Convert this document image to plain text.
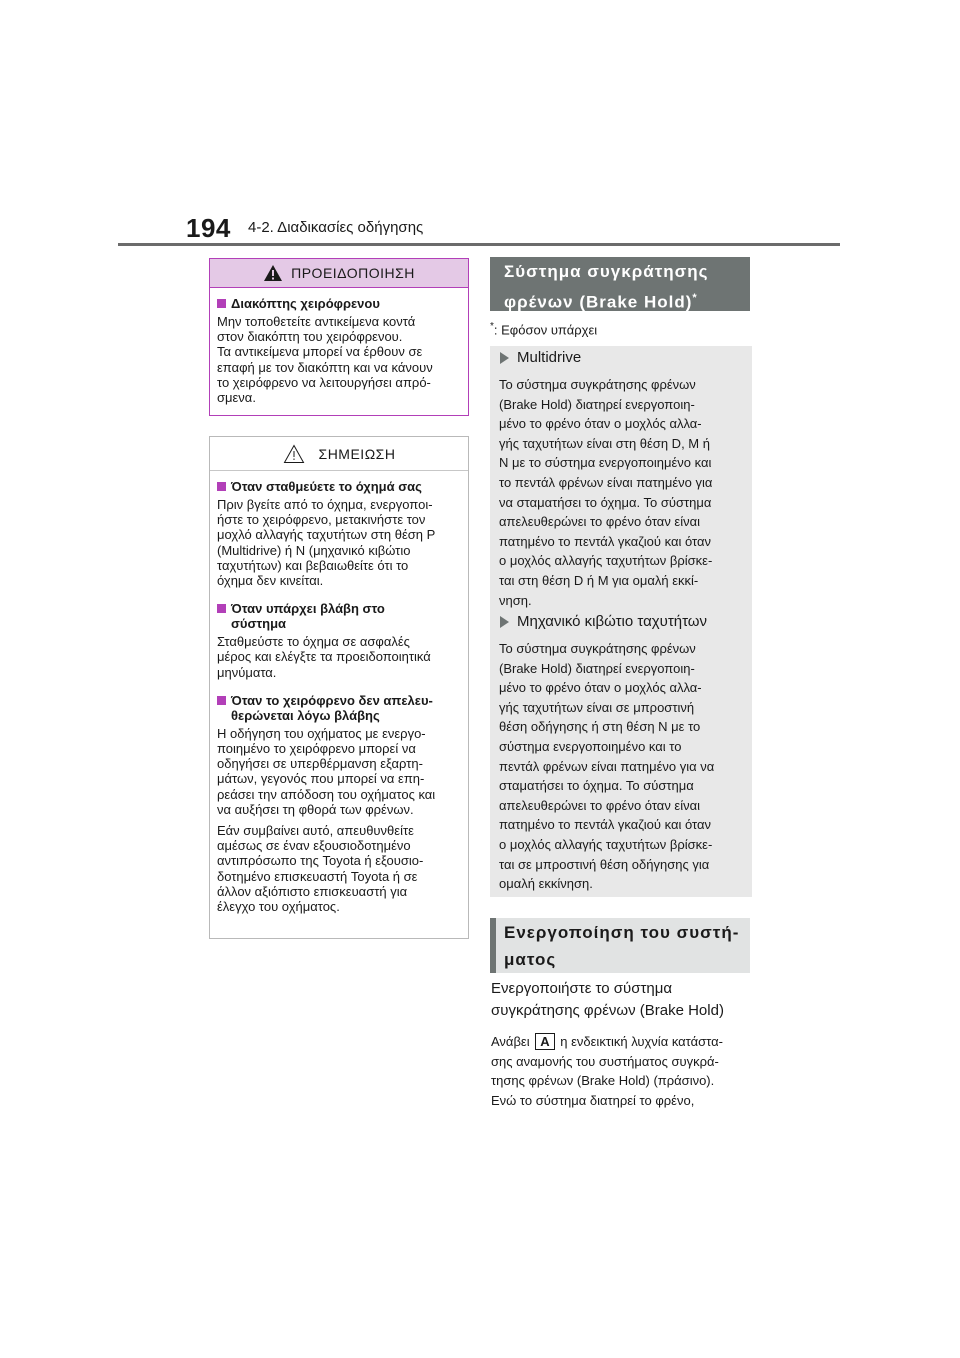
194 4-2. Διαδικασίες οδήγησης
ΠΡΟΕΙΔΟΠΟΙΗΣΗ
Διακόπτης χειρόφρενου
Μην τοποθετείτε αντικείμενα κοντά
στον διακόπτη του χειρόφρενου.
Τα αντικείμενα μπορεί να έρθουν σε
επαφή με τον διακόπτη και να κάνουν
το χειρόφρενο να λειτουργήσει απρό-
σμενα.
ΣΗΜΕΙΩΣΗ
Όταν σταθμεύετε το όχημά σας
Πριν βγείτε από το όχημα, ενεργοποι-
ήστε το χειρόφρενο, μετακινήστε τον
μοχλό αλλαγής ταχυτήτων στη θέση P
(Multidrive) ή N (μηχανικό κιβώτιο
ταχυτήτων) και βεβαιωθείτε ότι το
όχημα δεν κινείται.
Όταν υπάρχει βλάβη στο
σύστημα
Σταθμεύστε το όχημα σε ασφαλές
μέρος και ελέγξτε τα προειδοποιητικά
μηνύματα.
Όταν το χειρόφρενο δεν απελευ-
θερώνεται λόγω βλάβης
Η οδήγηση του οχήματος με ενεργο-
ποιημένο το χειρόφρενο μπορεί να
οδηγήσει σε υπερθέρμανση εξαρτη-
μάτων, γεγονός που μπορεί να επη-
ρεάσει την απόδοση του οχήματος και
να αυξήσει τη φθορά των φρένων.
Εάν συμβαίνει αυτό, απευθυνθείτε
αμέσως σε έναν εξουσιοδοτημένο
αντιπρόσωπο της Toyota ή εξουσιο-
δοτημένο επισκευαστή Toyota ή σε
άλλον αξιόπιστο επισκευαστή για
έλεγχο του οχήματος.
Σύστημα συγκράτησης
φρένων (Brake Hold)*
*: Εφόσον υπάρχει
Multidrive
Το σύστημα συγκράτησης φρένων
(Brake Hold) διατηρεί ενεργοποιη-
μένο το φρένο όταν ο μοχλός αλλα-
γής ταχυτήτων είναι στη θέση D, M ή
N με το σύστημα ενεργοποιημένο και
το πεντάλ φρένων είναι πατημένο για
να σταματήσει το όχημα. Το σύστημα
απελευθερώνει το φρένο όταν είναι
πατημένο το πεντάλ γκαζιού και όταν
ο μοχλός αλλαγής ταχυτήτων βρίσκε-
ται στη θέση D ή M για ομαλή εκκί-
νηση.
Μηχανικό κιβώτιο ταχυτήτων
Το σύστημα συγκράτησης φρένων
(Brake Hold) διατηρεί ενεργοποιη-
μένο το φρένο όταν ο μοχλός αλλα-
γής ταχυτήτων είναι σε μπροστινή
θέση οδήγησης ή στη θέση N με το
σύστημα ενεργοποιημένο και το
πεντάλ φρένων είναι πατημένο για να
σταματήσει το όχημα. Το σύστημα
απελευθερώνει το φρένο όταν είναι
πατημένο το πεντάλ γκαζιού και όταν
ο μοχλός αλλαγής ταχυτήτων βρίσκε-
ται σε μπροστινή θέση οδήγησης για
ομαλή εκκίνηση.
Ενεργοποίηση του συστή-
ματος
Ενεργοποιήστε το σύστημα
συγκράτησης φρένων (Brake Hold)
Ανάβει A η ενδεικτική λυχνία κατάστα-
σης αναμονής του συστήματος συγκρά-
τησης φρένων (Brake Hold) (πράσινο).
Ενώ το σύστημα διατηρεί το φρένο,
